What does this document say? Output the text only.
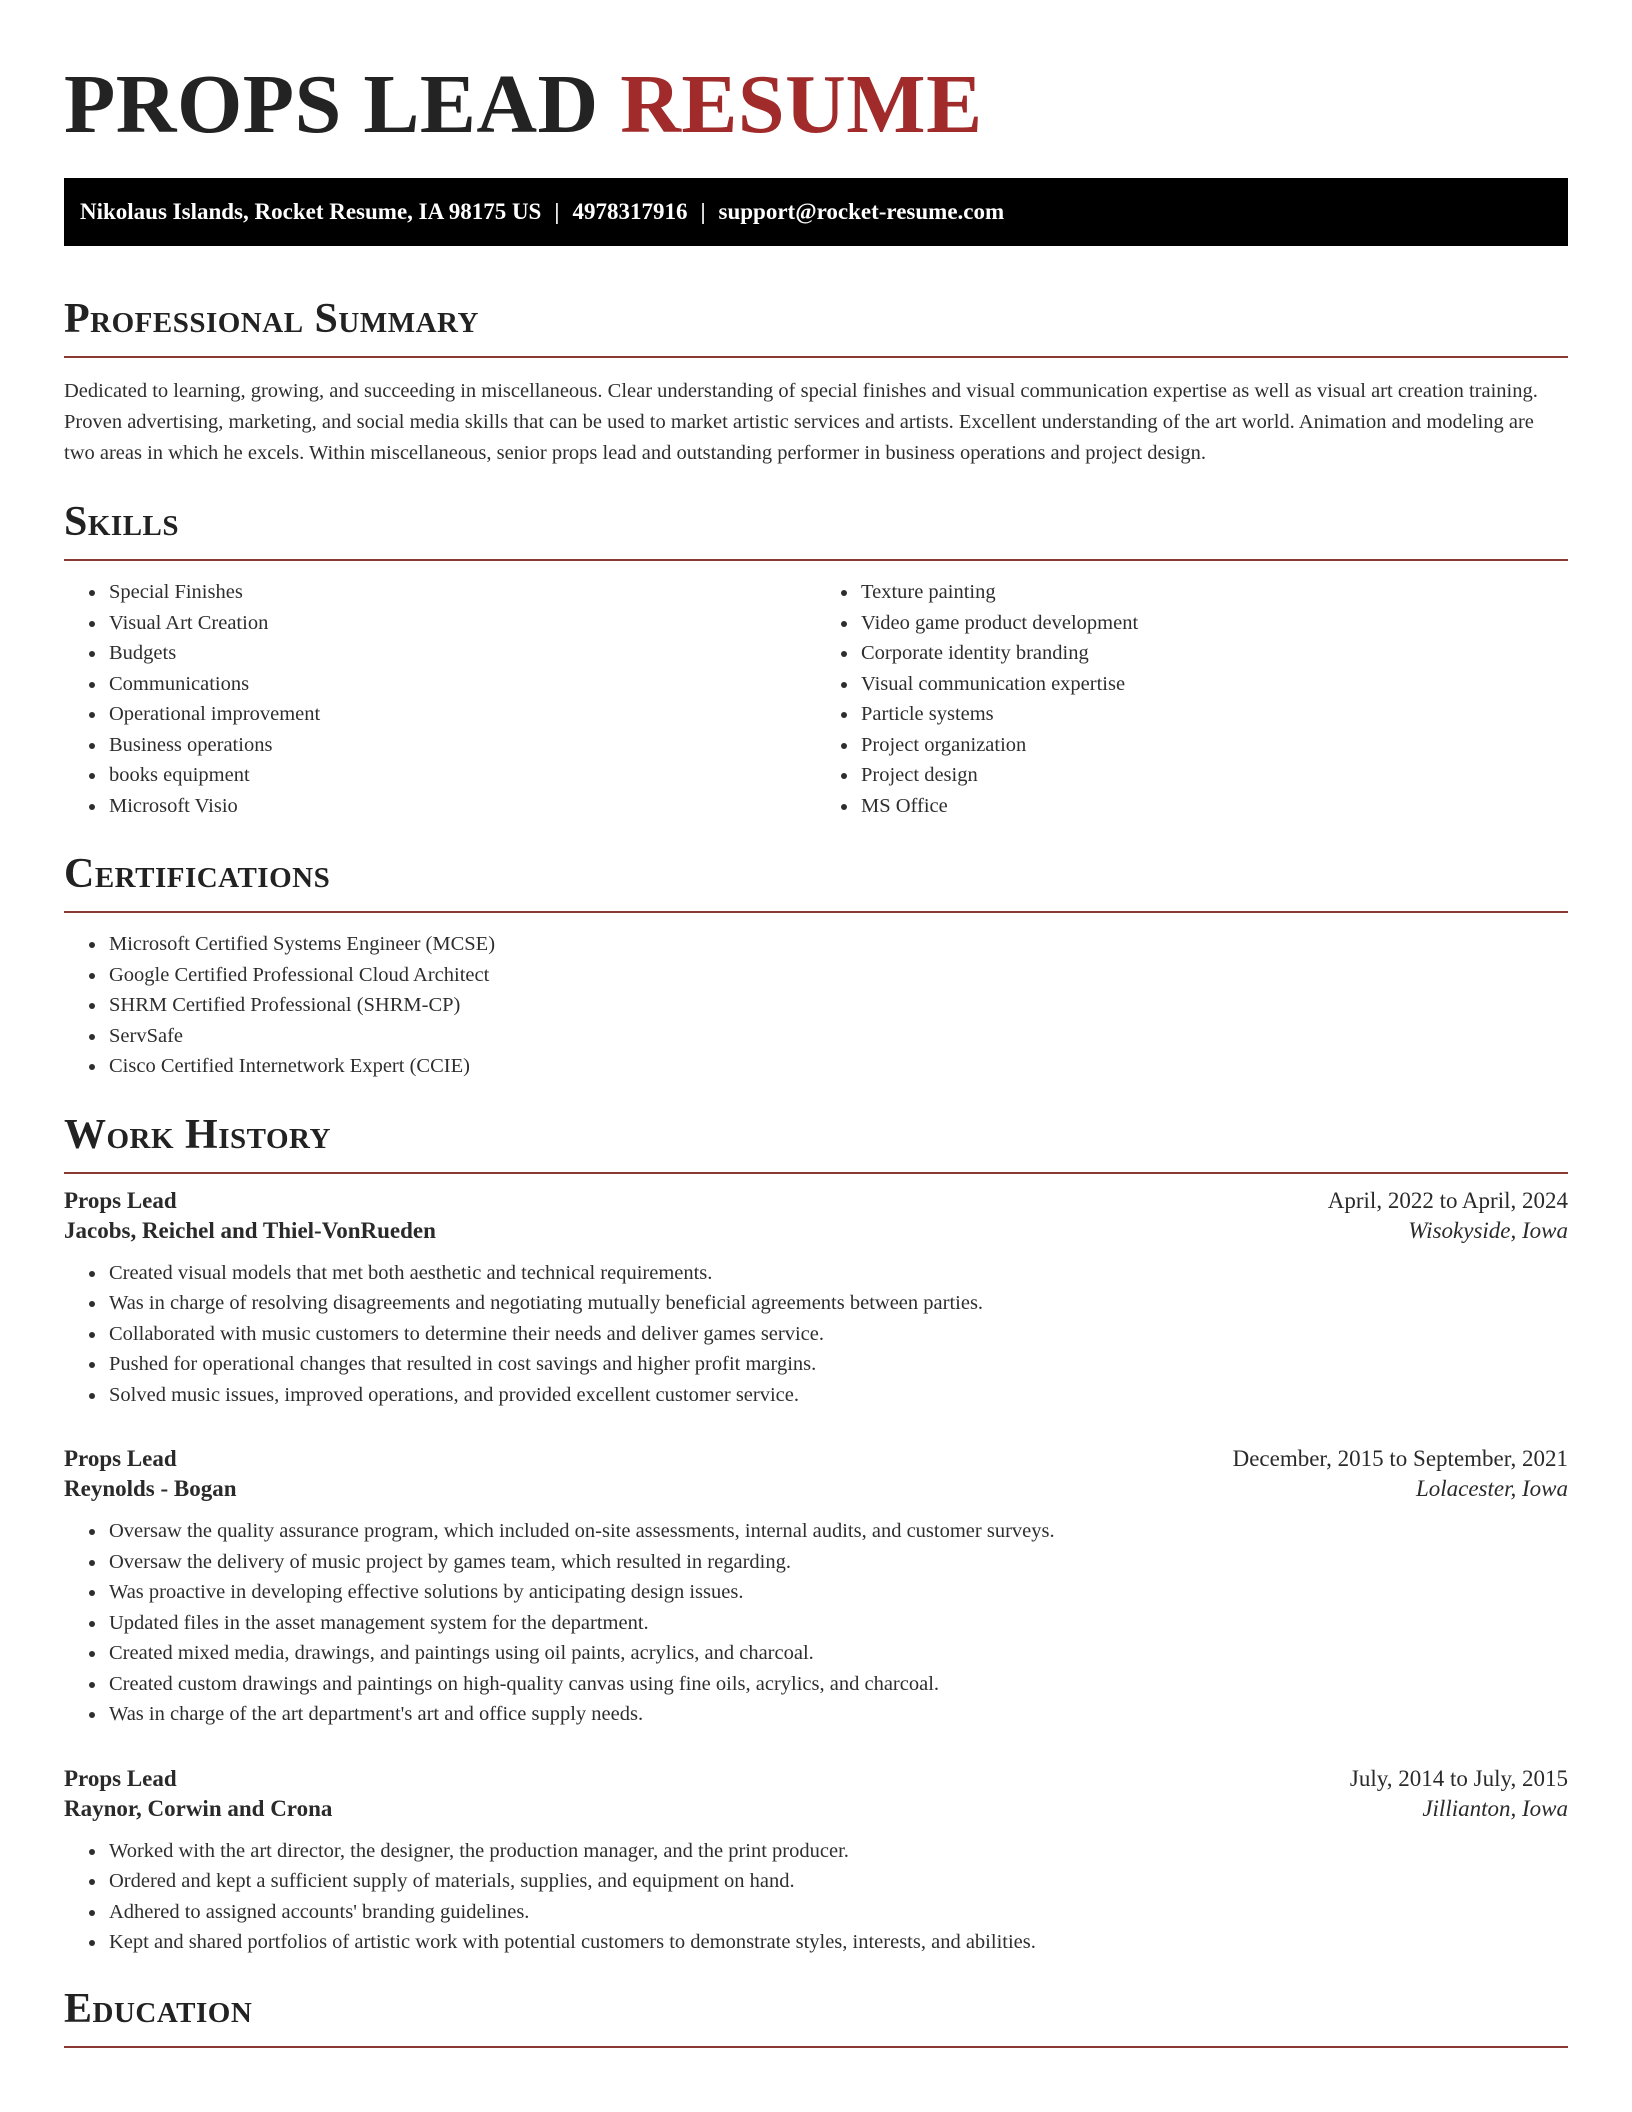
PROPS LEAD RESUME
Nikolaus Islands, Rocket Resume, IA 98175 US | 4978317916 | support@rocket-resume.com
Professional Summary

Dedicated to learning, growing, and succeeding in miscellaneous. Clear understanding of special finishes and visual communication expertise as well as visual art creation training. Proven advertising, marketing, and social media skills that can be used to market artistic services and artists. Excellent understanding of the art world. Animation and modeling are two areas in which he excels. Within miscellaneous, senior props lead and outstanding performer in business operations and project design.

Skills
• Special Finishes
• Visual Art Creation
• Budgets
• Communications
• Operational improvement
• Business operations
• books equipment
• Microsoft Visio
• Texture painting
• Video game product development
• Corporate identity branding
• Visual communication expertise
• Particle systems
• Project organization
• Project design
• MS Office
Certifications
• Microsoft Certified Systems Engineer (MCSE)
• Google Certified Professional Cloud Architect
• SHRM Certified Professional (SHRM-CP)
• ServSafe
• Cisco Certified Internetwork Expert (CCIE)
Work History
Props Lead	April, 2022 to April, 2024
Jacobs, Reichel and Thiel-VonRueden	Wisokyside, Iowa
• Created visual models that met both aesthetic and technical requirements.
• Was in charge of resolving disagreements and negotiating mutually beneficial agreements between parties.
• Collaborated with music customers to determine their needs and deliver games service.
• Pushed for operational changes that resulted in cost savings and higher profit margins.
• Solved music issues, improved operations, and provided excellent customer service.
Props Lead	December, 2015 to September, 2021
Reynolds - Bogan	Lolacester, Iowa
• Oversaw the quality assurance program, which included on-site assessments, internal audits, and customer surveys.
• Oversaw the delivery of music project by games team, which resulted in regarding.
• Was proactive in developing effective solutions by anticipating design issues.
• Updated files in the asset management system for the department.
• Created mixed media, drawings, and paintings using oil paints, acrylics, and charcoal.
• Created custom drawings and paintings on high-quality canvas using fine oils, acrylics, and charcoal.
• Was in charge of the art department's art and office supply needs.
Props Lead	July, 2014 to July, 2015
Raynor, Corwin and Crona	Jillianton, Iowa
• Worked with the art director, the designer, the production manager, and the print producer.
• Ordered and kept a sufficient supply of materials, supplies, and equipment on hand.
• Adhered to assigned accounts' branding guidelines.
• Kept and shared portfolios of artistic work with potential customers to demonstrate styles, interests, and abilities.
Education
